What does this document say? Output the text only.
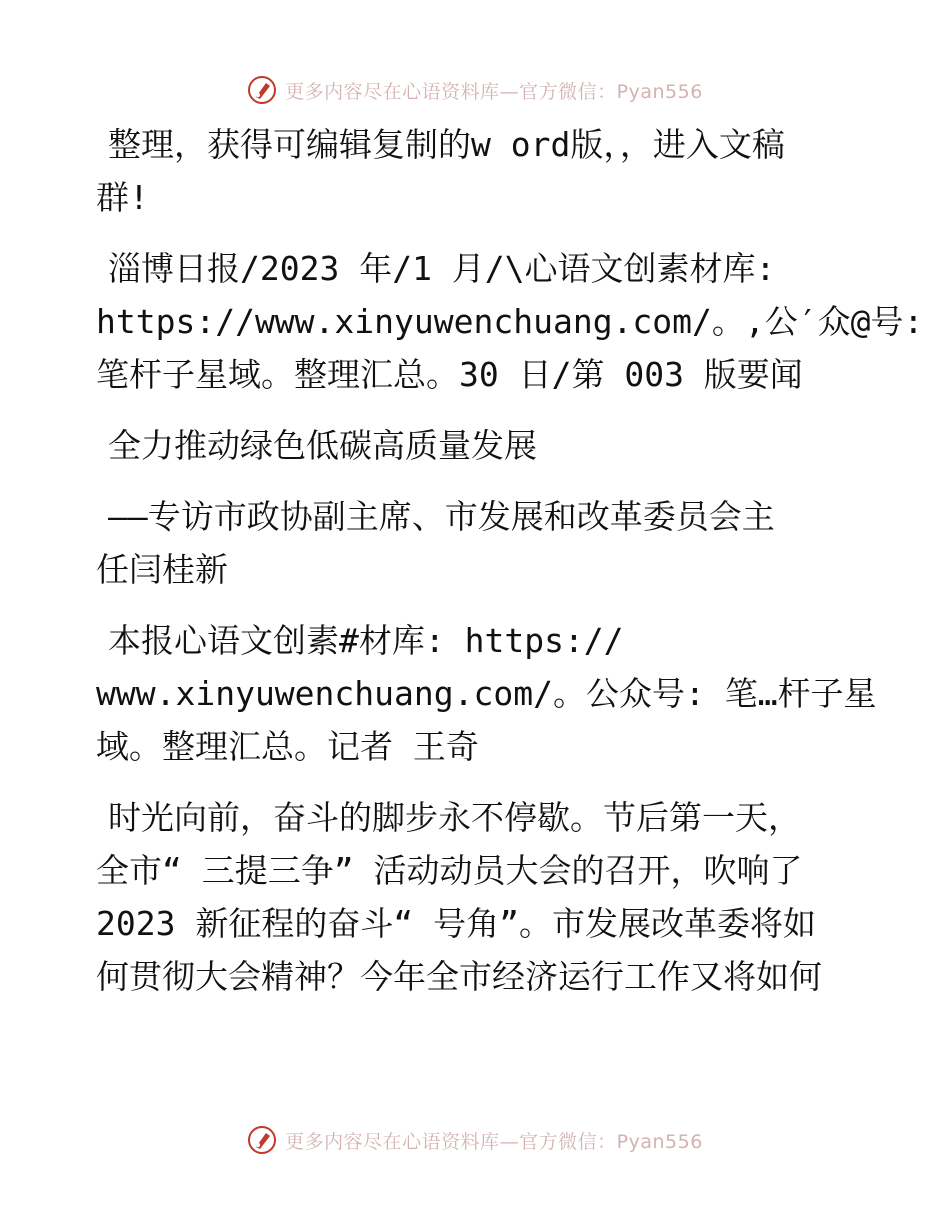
更多内容尽在心语资料库—官方微信：Pyan556

整理，获得可编辑复制的w ord版，，进入文稿
群!

淄博日报/2023 年/1 月/\心语文创素材库:
https://www.xinyuwenchuang.com/。,公′众@号:
笔杆子星域。整理汇总。30 日/第 003 版要闻

全力推动绿色低碳高质量发展

——专访市政协副主席、市发展和改革委员会主
任闫桂新

本报心语文创素#材库: https://
www.xinyuwenchuang.com/。公众号: 笔…杆子星
域。整理汇总。记者 王奇

时光向前，奋斗的脚步永不停歇。节后第一天，
全市“ 三提三争” 活动动员大会的召开，吹响了
2023 新征程的奋斗“ 号角”。市发展改革委将如
何贯彻大会精神？今年全市经济运行工作又将如何

更多内容尽在心语资料库—官方微信：Pyan556
